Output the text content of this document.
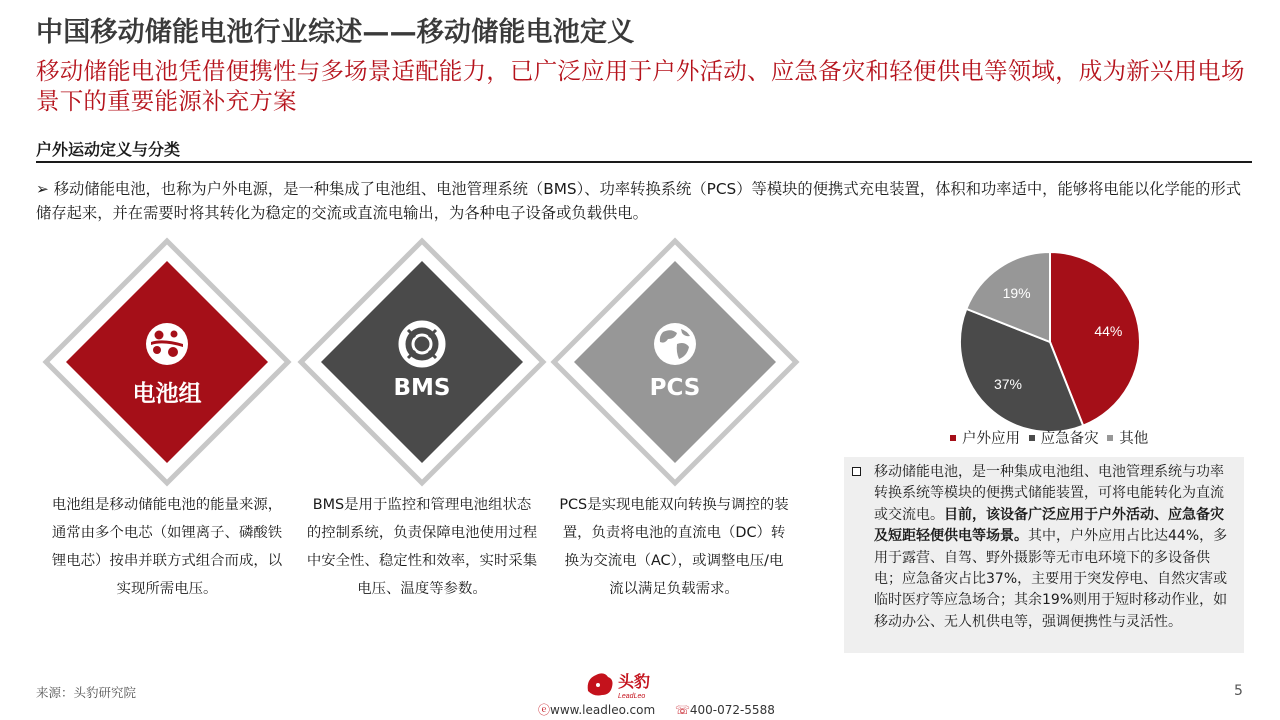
中国移动储能电池行业综述——移动储能电池定义
移动储能电池凭借便携性与多场景适配能力，已广泛应用于户外活动、应急备灾和轻便供电等领域，成为新兴用电场景下的重要能源补充方案
户外运动定义与分类
➢ 移动储能电池，也称为户外电源，是一种集成了电池组、电池管理系统（BMS）、功率转换系统（PCS）等模块的便携式充电装置，体积和功率适中，能够将电能以化学能的形式储存起来，并在需要时将其转化为稳定的交流或直流电输出，为各种电子设备或负载供电。
电池组	BMS	PCS
电池组是移动储能电池的能量来源，通常由多个电芯（如锂离子、磷酸铁锂电芯）按串并联方式组合而成，以实现所需电压。
BMS是用于监控和管理电池组状态的控制系统，负责保障电池使用过程中安全性、稳定性和效率，实时采集电压、温度等参数。
PCS是实现电能双向转换与调控的装置，负责将电池的直流电（DC）转换为交流电（AC），或调整电压/电流以满足负载需求。
44%
37%
19%
户外应用 应急备灾 其他
移动储能电池，是一种集成电池组、电池管理系统与功率转换系统等模块的便携式储能装置，可将电能转化为直流或交流电。目前，该设备广泛应用于户外活动、应急备灾及短距轻便供电等场景。其中，户外应用占比达44%，多用于露营、自驾、野外摄影等无市电环境下的多设备供电；应急备灾占比37%，主要用于突发停电、自然灾害或临时医疗等应急场合；其余19%则用于短时移动作业，如移动办公、无人机供电等，强调便携性与灵活性。
来源：头豹研究院	5
头豹
LeadLeo
ⓔwww.leadleo.com ☏400-072-5588
